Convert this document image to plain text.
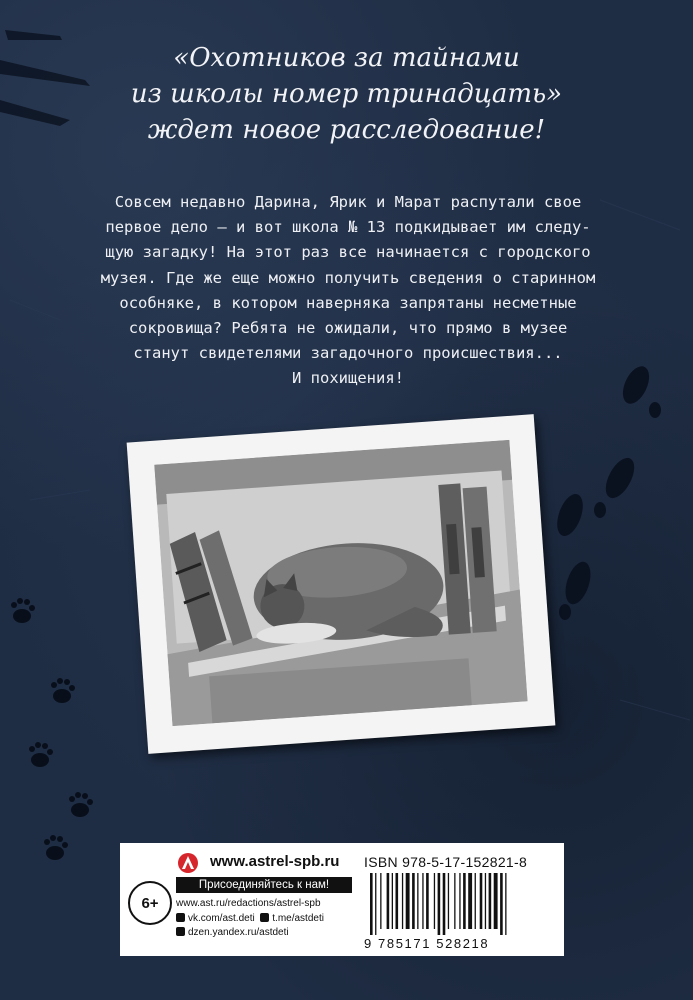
«Охотников за тайнами
из школы номер тринадцать»
ждет новое расследование!
Совсем недавно Дарина, Ярик и Марат распутали свое
первое дело — и вот школа № 13 подкидывает им следу-
щую загадку! На этот раз все начинается с городского
музея. Где же еще можно получить сведения о старинном
особняке, в котором наверняка запрятаны несметные
сокровища? Ребята не ожидали, что прямо в музее
станут свидетелями загадочного происшествия...
И похищения!
www.astrel-spb.ru ISBN 978-5-17-152821-8
6+
Присоединяйтесь к нам!
www.ast.ru/redactions/astrel-spb
vk.com/ast.deti t.me/astdeti
dzen.yandex.ru/astdeti
9 785171 528218
